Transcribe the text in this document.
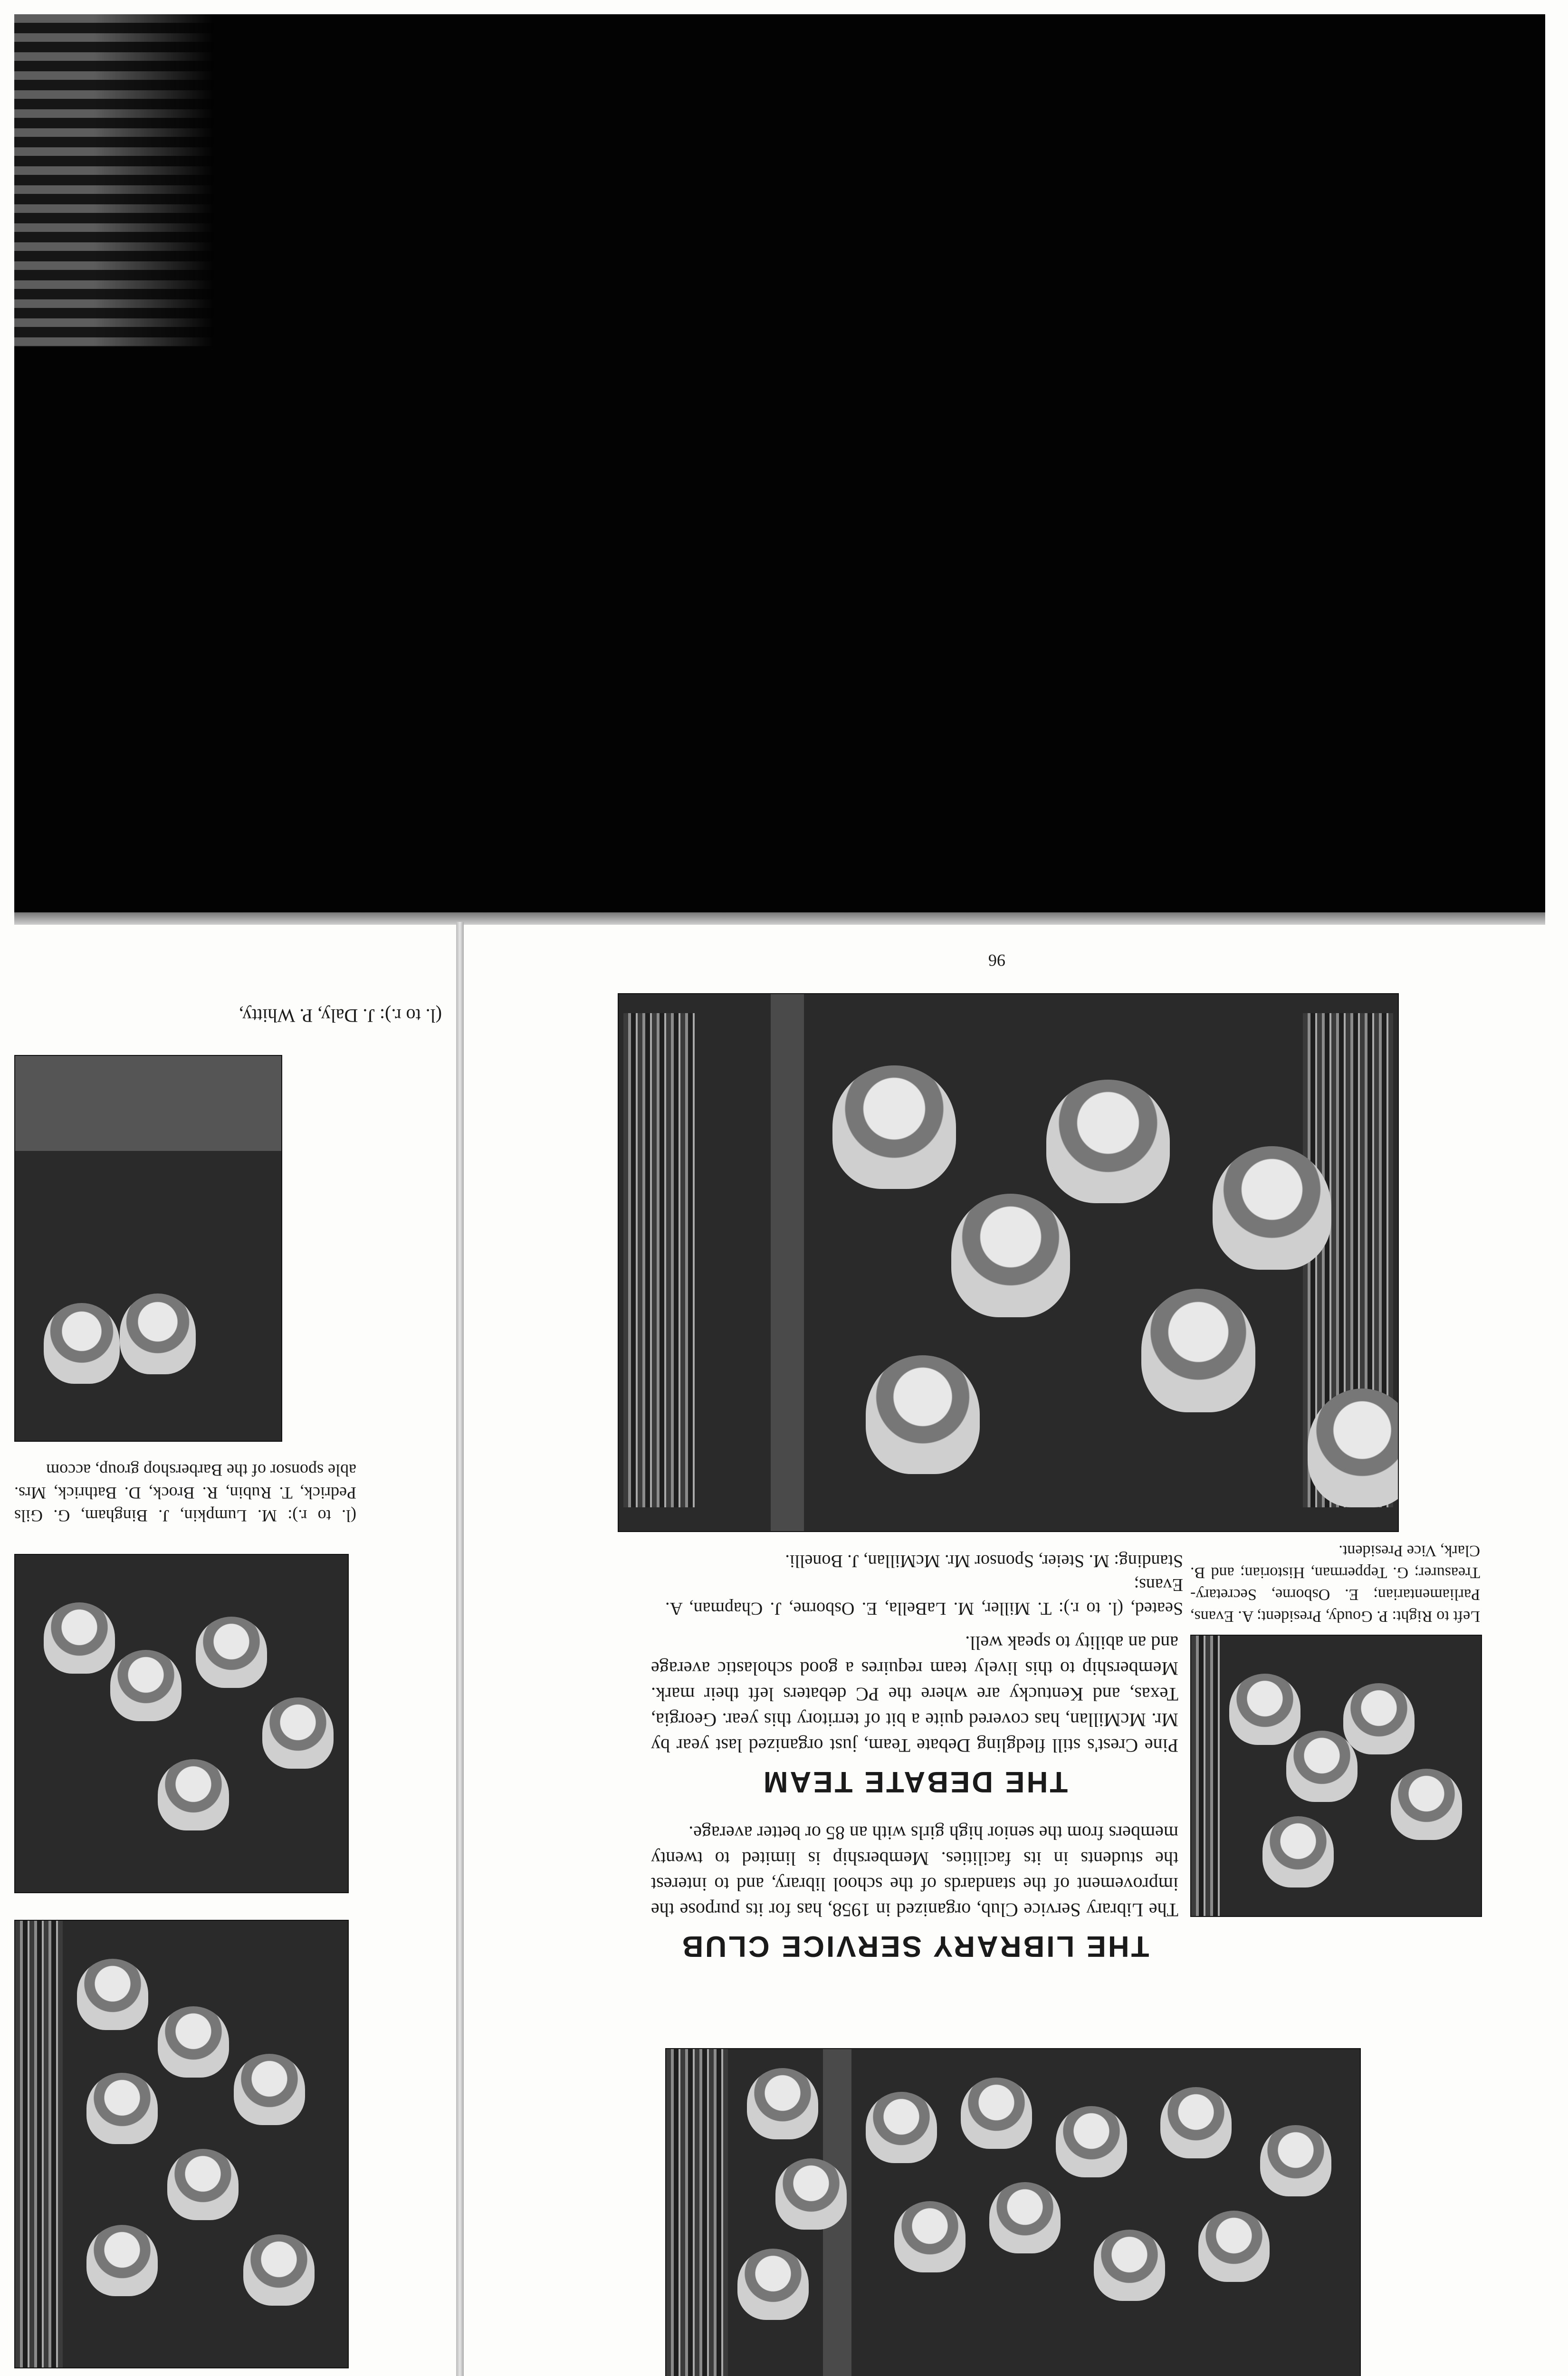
96
Left to Right: P. Goudy, President; A. Evans, Parliamentarian; E. Osborne, Secretary-Treasurer; G. Tepperman, Historian; and B. Clark, Vice President.
Seated, (l. to r.): T. Miller, M. LaBella, E. Osborne, J. Chapman, A. Evans;
Standing: M. Steier, Sponsor Mr. McMillan, J. Bonelli.
THE DEBATE TEAM
Pine Crest's still fledgling Debate Team, just organized last year by Mr. McMillan, has covered quite a bit of territory this year. Georgia, Texas, and Kentucky are where the PC debaters left their mark. Membership to this lively team requires a good scholastic average and an ability to speak well.
THE LIBRARY SERVICE CLUB
The Library Service Club, organized in 1958, has for its purpose the improvement of the standards of the school library, and to interest the students in its facilities. Membership is limited to twenty members from the senior high girls with an 85 or better average.
(l. to r.): J. Daly, P. Whitty,
(l. to r.): M. Lumpkin, J. Bingham, G. Gils Pedrick, T. Rubin, R. Brock, D. Bathrick, Mrs. able sponsor of the Barbershop group, accom
